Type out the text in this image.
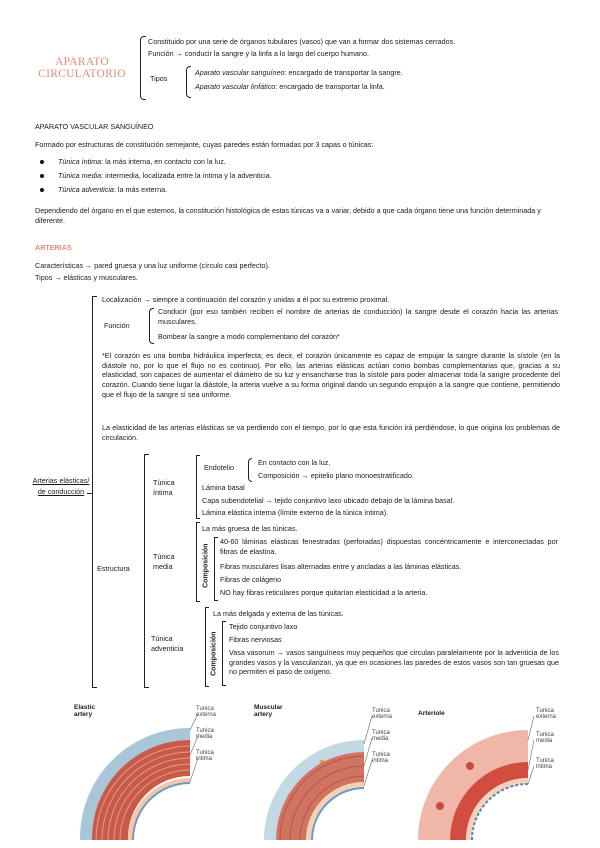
APARATO CIRCULATORIO
Constituido por una serie de órganos tubulares (vasos) que van a formar dos sistemas cerrados.
Función → conducir la sangre y la linfa a lo largo del cuerpo humano.
Tipos
Aparato vascular sanguíneo: encargado de transportar la sangre.
Aparato vascular linfático: encargado de transportar la linfa.
APARATO VASCULAR SANGUÍNEO
Formado por estructuras de constitución semejante, cuyas paredes están formadas por 3 capas o túnicas:
Túnica íntima: la más interna, en contacto con la luz.
Túnica media: intermedia, localizada entre la íntima y la adventicia.
Túnica adventicia: la más externa.
Dependiendo del órgano en el que estemos, la constitución histológica de estas túnicas va a variar, debido a que cada órgano tiene una función determinada y diferente.
ARTERIAS
Características → pared gruesa y una luz uniforme (círculo casi perfecto).
Tipos → elásticas y musculares.
Arterias elásticas/ de conducción
Localización → siempre a continuación del corazón y unidas a él por su extremo proximal.
Función
Conducir (por eso también reciben el nombre de arterias de conducción) la sangre desde el corazón hacia las arterias musculares.
Bombear la sangre a modo complementario del corazón*
*El corazón es una bomba hidráulica imperfecta; es decir, el corazón únicamente es capaz de empujar la sangre durante la sístole (en la diástole no, por lo que el flujo no es continuo). Por ello, las arterias elásticas actúan como bombas complementarias que, gracias a su elasticidad, son capaces de aumentar el diámetro de su luz y ensancharse tras la sístole para poder almacenar toda la sangre procedente del corazón. Cuando tiene lugar la diástole, la arteria vuelve a su forma original dando un segundo empujón a la sangre que contiene, permitiendo que el flujo de la sangre sí sea uniforme.
La elasticidad de las arterias elásticas se va perdiendo con el tiempo, por lo que esta función irá perdiéndose, lo que origina los problemas de circulación.
Estructura
Túnica íntima
Endotelio
En contacto con la luz.
Composición → epitelio plano monoestratificado.
Lámina basal
Capa subendotelial → tejido conjuntivo laxo ubicado debajo de la lámina basal.
Lámina elástica interna (límite externo de la túnica íntima).
Túnica media
La más gruesa de las túnicas.
Composición
40-60 láminas elásticas fenestradas (perforadas) dispuestas concéntricamente e interconectadas por fibras de elastina.
Fibras musculares lisas alternadas entre y ancladas a las láminas elásticas.
Fibras de colágeno
NO hay fibras reticulares porque quitarían elasticidad a la arteria.
Túnica adventicia
La más delgada y externa de las túnicas.
Composición
Tejido conjuntivo laxo
Fibras nerviosas
Vasa vasorum → vasos sanguíneos muy pequeños que circulan paralelamente por la adventicia de los grandes vasos y la vascularizan, ya que en ocasiones las paredes de estos vasos son tan gruesas que no permiten el paso de oxígeno.
Elastic artery
Tunica externa
Tunica media
Tunica intima
Muscular artery
Tunica externa
Tunica media
Tunica intima
Arteriole	Tunica externa
Tunica media
Tunica intima
